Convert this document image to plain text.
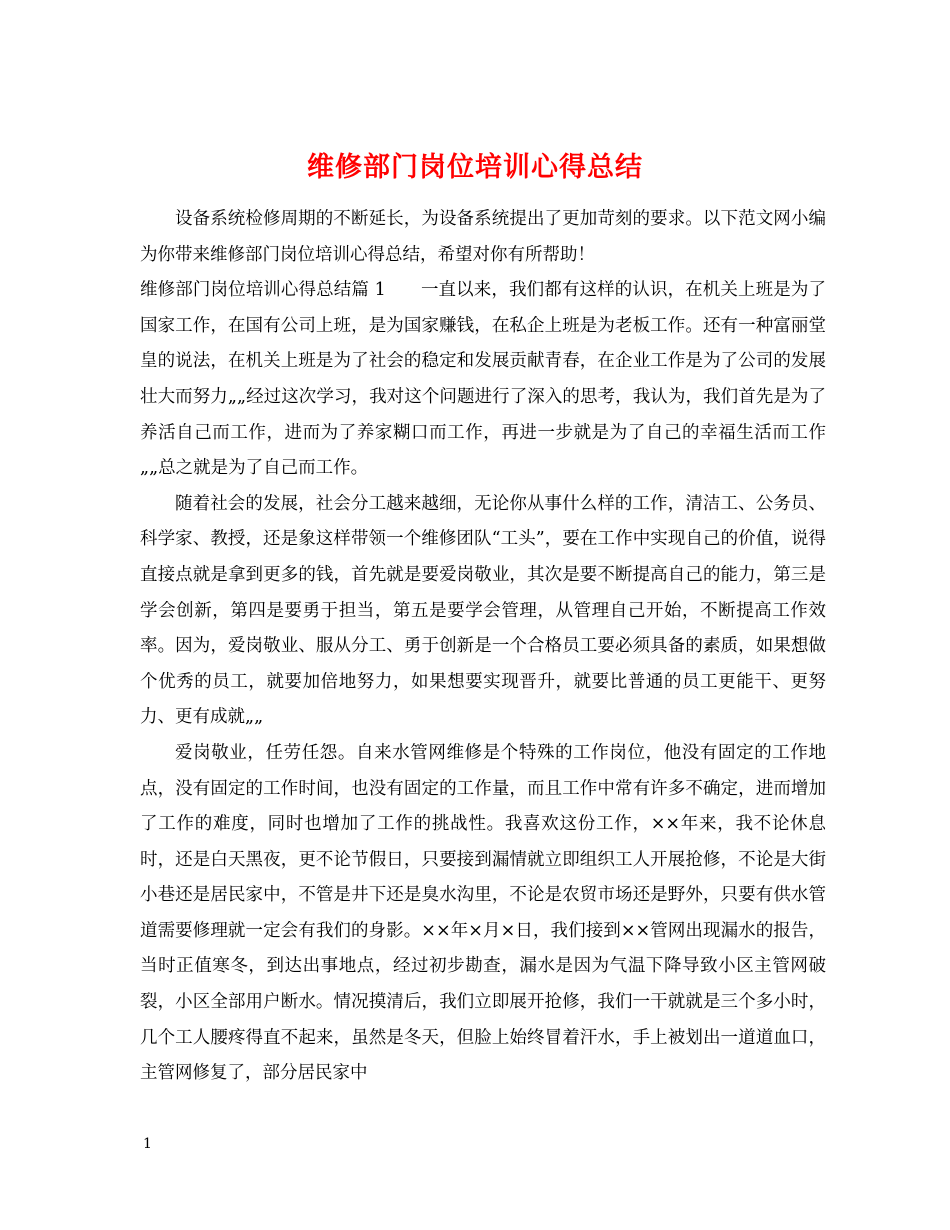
维修部门岗位培训心得总结

设备系统检修周期的不断延长，为设备系统提出了更加苛刻的要求。以下范文网小编为你带来维修部门岗位培训心得总结，希望对你有所帮助！

维修部门岗位培训心得总结篇 1 一直以来，我们都有这样的认识，在机关上班是为了国家工作，在国有公司上班，是为国家赚钱，在私企上班是为老板工作。还有一种富丽堂皇的说法，在机关上班是为了社会的稳定和发展贡献青春，在企业工作是为了公司的发展壮大而努力„„经过这次学习，我对这个问题进行了深入的思考，我认为，我们首先是为了养活自己而工作，进而为了养家糊口而工作，再进一步就是为了自己的幸福生活而工作„„总之就是为了自己而工作。

随着社会的发展，社会分工越来越细，无论你从事什么样的工作，清洁工、公务员、科学家、教授，还是象这样带领一个维修团队“工头”，要在工作中实现自己的价值，说得直接点就是拿到更多的钱，首先就是要爱岗敬业，其次是要不断提高自己的能力，第三是学会创新，第四是要勇于担当，第五是要学会管理，从管理自己开始，不断提高工作效率。因为，爱岗敬业、服从分工、勇于创新是一个合格员工要必须具备的素质，如果想做个优秀的员工，就要加倍地努力，如果想要实现晋升，就要比普通的员工更能干、更努力、更有成就„„

爱岗敬业，任劳任怨。自来水管网维修是个特殊的工作岗位，他没有固定的工作地点，没有固定的工作时间，也没有固定的工作量，而且工作中常有许多不确定，进而增加了工作的难度，同时也增加了工作的挑战性。我喜欢这份工作，××年来，我不论休息时，还是白天黑夜，更不论节假日，只要接到漏情就立即组织工人开展抢修，不论是大街小巷还是居民家中，不管是井下还是臭水沟里，不论是农贸市场还是野外，只要有供水管道需要修理就一定会有我们的身影。××年×月×日，我们接到××管网出现漏水的报告，当时正值寒冬，到达出事地点，经过初步勘查，漏水是因为气温下降导致小区主管网破裂，小区全部用户断水。情况摸清后，我们立即展开抢修，我们一干就就是三个多小时，几个工人腰疼得直不起来，虽然是冬天，但脸上始终冒着汗水，手上被划出一道道血口，主管网修复了，部分居民家中

1
